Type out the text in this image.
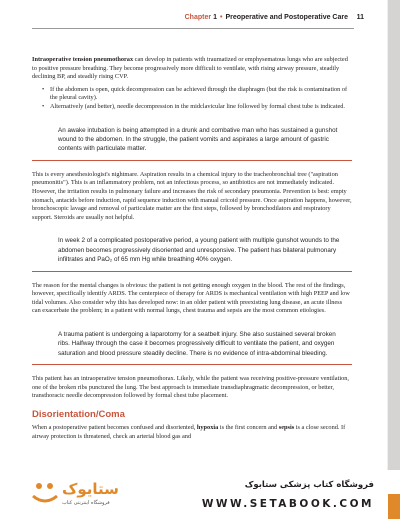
Chapter 1 • Preoperative and Postoperative Care 11

Intraoperative tension pneumothorax can develop in patients with traumatized or emphysematous lungs who are subjected to positive pressure breathing. They become progressively more difficult to ventilate, with rising airway pressure, steadily declining BP, and steadily rising CVP.

• If the abdomen is open, quick decompression can be achieved through the diaphragm (but the risk is contamination of the pleural cavity).
• Alternatively (and better), needle decompression in the midclavicular line followed by formal chest tube is indicated.
An awake intubation is being attempted in a drunk and combative man who has sustained a gunshot wound to the abdomen. In the struggle, the patient vomits and aspirates a large amount of gastric contents with particulate matter.

This is every anesthesiologist's nightmare. Aspiration results in a chemical injury to the tracheobronchial tree ("aspiration pneumonitis"). This is an inflammatory problem, not an infectious process, so antibiotics are not immediately indicated. However, the irritation results in pulmonary failure and increases the risk of secondary pneumonia. Prevention is best: empty stomach, antacids before induction, rapid sequence induction with manual cricoid pressure. Once aspiration happens, however, bronchoscopic lavage and removal of particulate matter are the first steps, followed by bronchodilators and respiratory support. Steroids are usually not helpful.

In week 2 of a complicated postoperative period, a young patient with multiple gunshot wounds to the abdomen becomes progressively disoriented and unresponsive. The patient has bilateral pulmonary infiltrates and PaO₂ of 65 mm Hg while breathing 40% oxygen.

The reason for the mental changes is obvious: the patient is not getting enough oxygen in the blood. The rest of the findings, however, specifically identify ARDS. The centerpiece of therapy for ARDS is mechanical ventilation with high PEEP and low tidal volumes. Also consider why this has developed now: in an older patient with preexisting lung disease, an acute illness can exacerbate the problem; in a patient with normal lungs, chest trauma and sepsis are the most common etiologies.

A trauma patient is undergoing a laparotomy for a seatbelt injury. She also sustained several broken ribs. Halfway through the case it becomes progressively difficult to ventilate the patient, and oxygen saturation and blood pressure steadily decline. There is no evidence of intra-abdominal bleeding.

This patient has an intraoperative tension pneumothorax. Likely, while the patient was receiving positive-pressure ventilation, one of the broken ribs punctured the lung. The best approach is immediate transdiaphragmatic decompression, or better, transthoracic needle decompression followed by formal chest tube placement.

Disorientation/Coma

When a postoperative patient becomes confused and disoriented, hypoxia is the first concern and sepsis is a close second. If airway protection is threatened, check an arterial blood gas and

ستایوک
فروشگاه اینترنتی کتاب
فروشگاه کتاب پزشکی ستابوک
WWW.SETABOOK.COM
